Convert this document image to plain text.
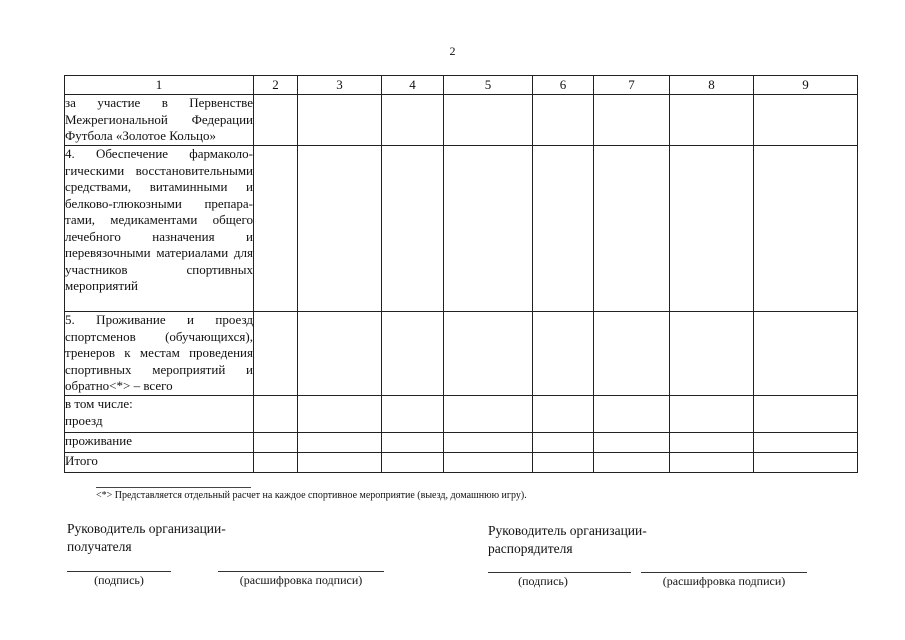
2
1	2	3	4	5	6	7	8	9
за участие в Первенстве Межрегиональной Федерации Футбола «Золотое Кольцо»								
4. Обеспечение фармаколо-гическими восстановительными средствами, витаминными и белково-глюкозными препара-тами, медикаментами общего лечебного назначения и перевязочными материалами для участников спортивных мероприятий								
5. Проживание и проезд спортсменов (обучающихся), тренеров к местам проведения спортивных мероприятий и обратно<*> – всего								

в том числе:
проезд								

проживание								
Итого								
<*> Представляется отдельный расчет на каждое спортивное мероприятие (выезд, домашнюю игру).
Руководитель организации-
получателя
(подпись)	(расшифровка подписи)
Руководитель организации-
распорядителя
(подпись)	(расшифровка подписи)
